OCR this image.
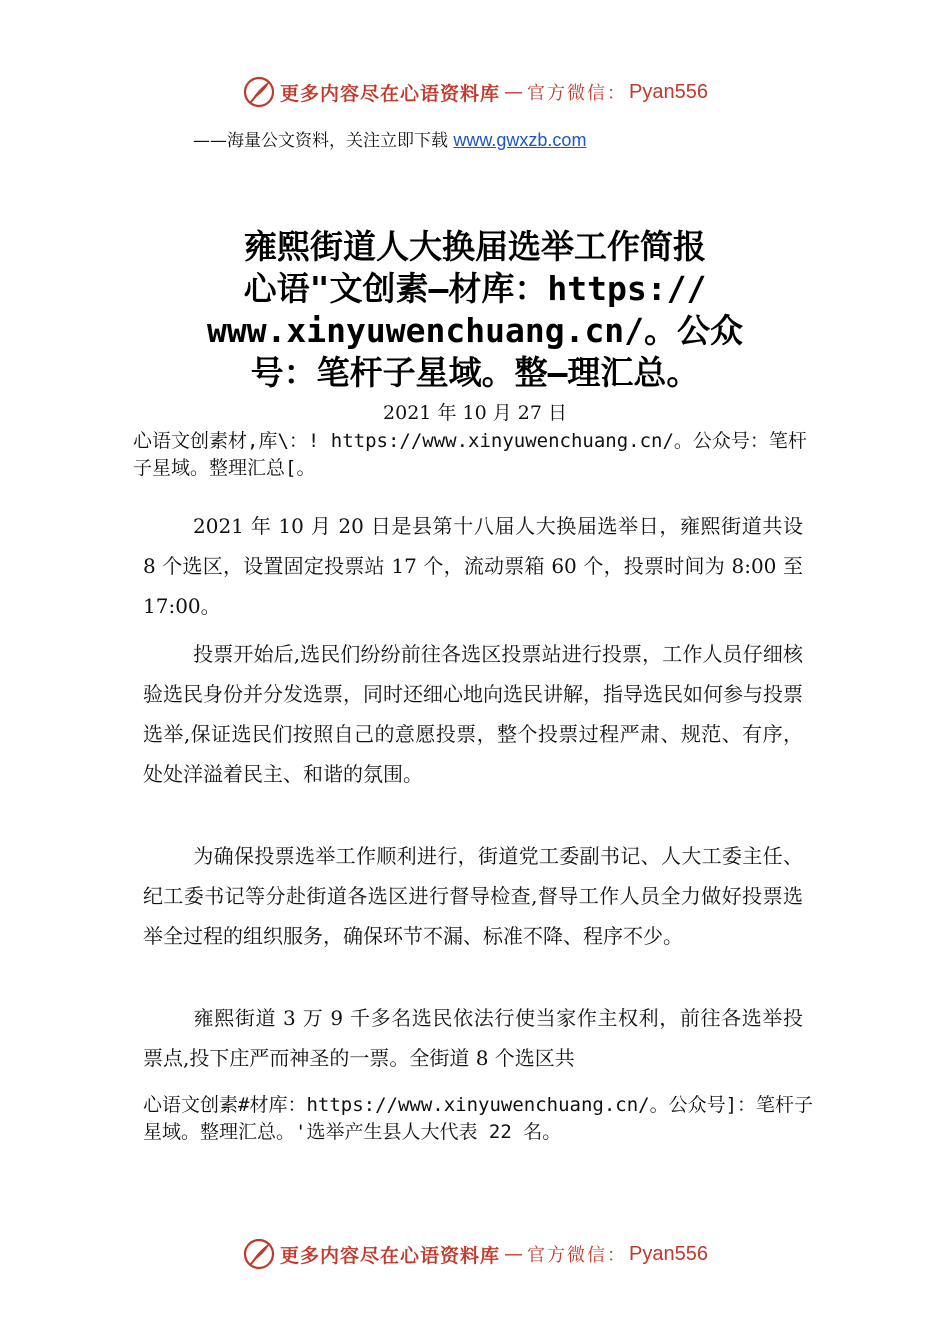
更多内容尽在心语资料库 — 官方微信： Pyan556
——海量公文资料，关注立即下载 www.gwxzb.com
雍熙街道人大换届选举工作简报
心语"文创素—材库：https://
www.xinyuwenchuang.cn/。公众
号：笔杆子星域。整—理汇总。
2021 年 10 月 27 日
心语文创素材,库\：! https://www.xinyuwenchuang.cn/。公众号：笔杆子星域。整理汇总[。
2021 年 10 月 20 日是县第十八届人大换届选举日，雍熙街道共设 8 个选区，设置固定投票站 17 个，流动票箱 60 个，投票时间为 8:00 至 17:00。
投票开始后,选民们纷纷前往各选区投票站进行投票，工作人员仔细核验选民身份并分发选票，同时还细心地向选民讲解，指导选民如何参与投票选举,保证选民们按照自己的意愿投票，整个投票过程严肃、规范、有序，处处洋溢着民主、和谐的氛围。
为确保投票选举工作顺利进行，街道党工委副书记、人大工委主任、纪工委书记等分赴街道各选区进行督导检查,督导工作人员全力做好投票选举全过程的组织服务，确保环节不漏、标准不降、程序不少。
雍熙街道 3 万 9 千多名选民依法行使当家作主权利，前往各选举投票点,投下庄严而神圣的一票。全街道 8 个选区共
心语文创素#材库：https://www.xinyuwenchuang.cn/。公众号]：笔杆子星域。整理汇总。'选举产生县人大代表 22 名。
更多内容尽在心语资料库 — 官方微信： Pyan556
